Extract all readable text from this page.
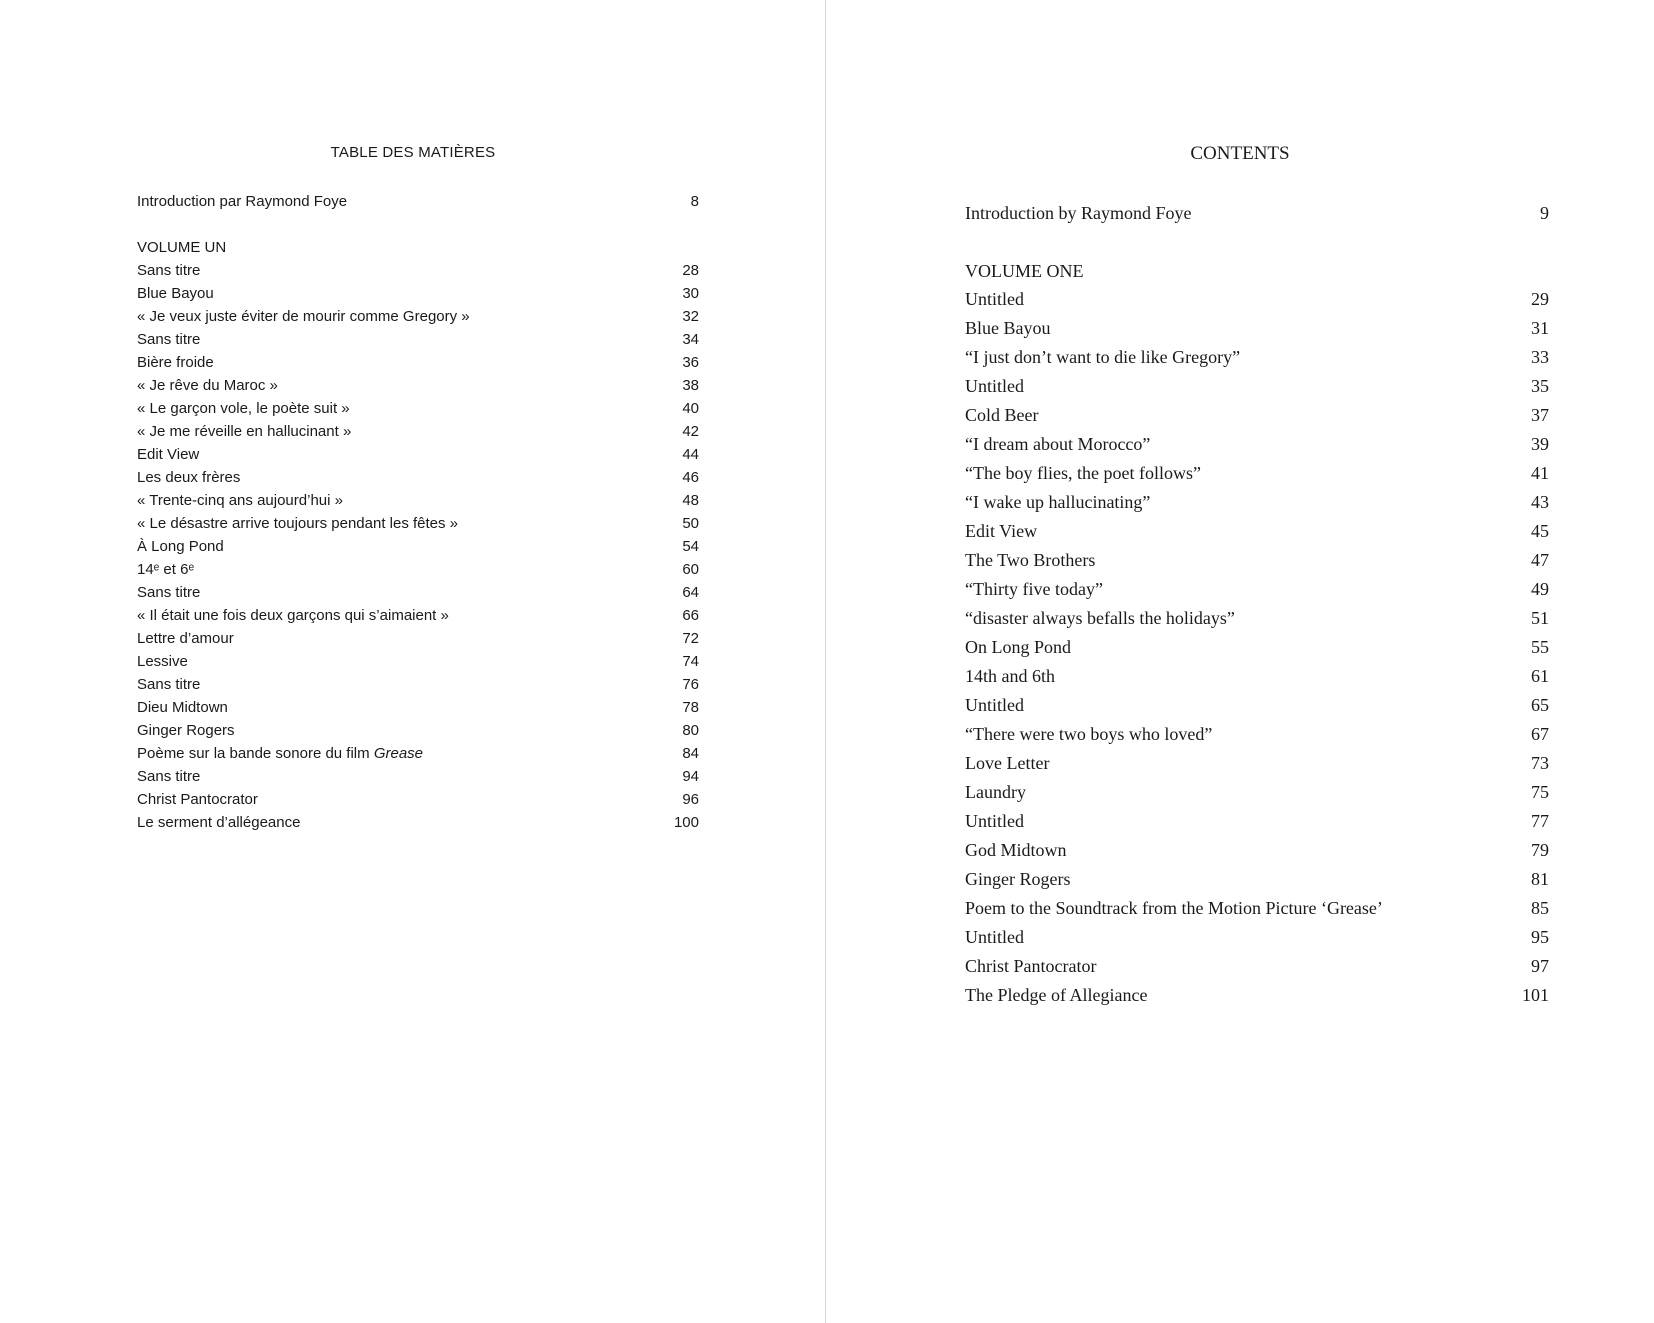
TABLE DES MATIÈRES
Introduction par Raymond Foye	8
VOLUME UN
Sans titre	28
Blue Bayou	30
« Je veux juste éviter de mourir comme Gregory »	32
Sans titre	34
Bière froide	36
« Je rêve du Maroc »	38
« Le garçon vole, le poète suit »	40
« Je me réveille en hallucinant »	42
Edit View	44
Les deux frères	46
« Trente-cinq ans aujourd’hui »	48
« Le désastre arrive toujours pendant les fêtes »	50
À Long Pond	54
14ᵉ et 6ᵉ	60
Sans titre	64
« Il était une fois deux garçons qui s’aimaient »	66
Lettre d’amour	72
Lessive	74
Sans titre	76
Dieu Midtown	78
Ginger Rogers	80
Poème sur la bande sonore du film Grease	84
Sans titre	94
Christ Pantocrator	96
Le serment d’allégeance	100
CONTENTS
Introduction by Raymond Foye	9
VOLUME ONE
Untitled	29
Blue Bayou	31
“I just don’t want to die like Gregory”	33
Untitled	35
Cold Beer	37
“I dream about Morocco”	39
“The boy flies, the poet follows”	41
“I wake up hallucinating”	43
Edit View	45
The Two Brothers	47
“Thirty five today”	49
“disaster always befalls the holidays”	51
On Long Pond	55
14th and 6th	61
Untitled	65
“There were two boys who loved”	67
Love Letter	73
Laundry	75
Untitled	77
God Midtown	79
Ginger Rogers	81
Poem to the Soundtrack from the Motion Picture ‘Grease’	85
Untitled	95
Christ Pantocrator	97
The Pledge of Allegiance	101
